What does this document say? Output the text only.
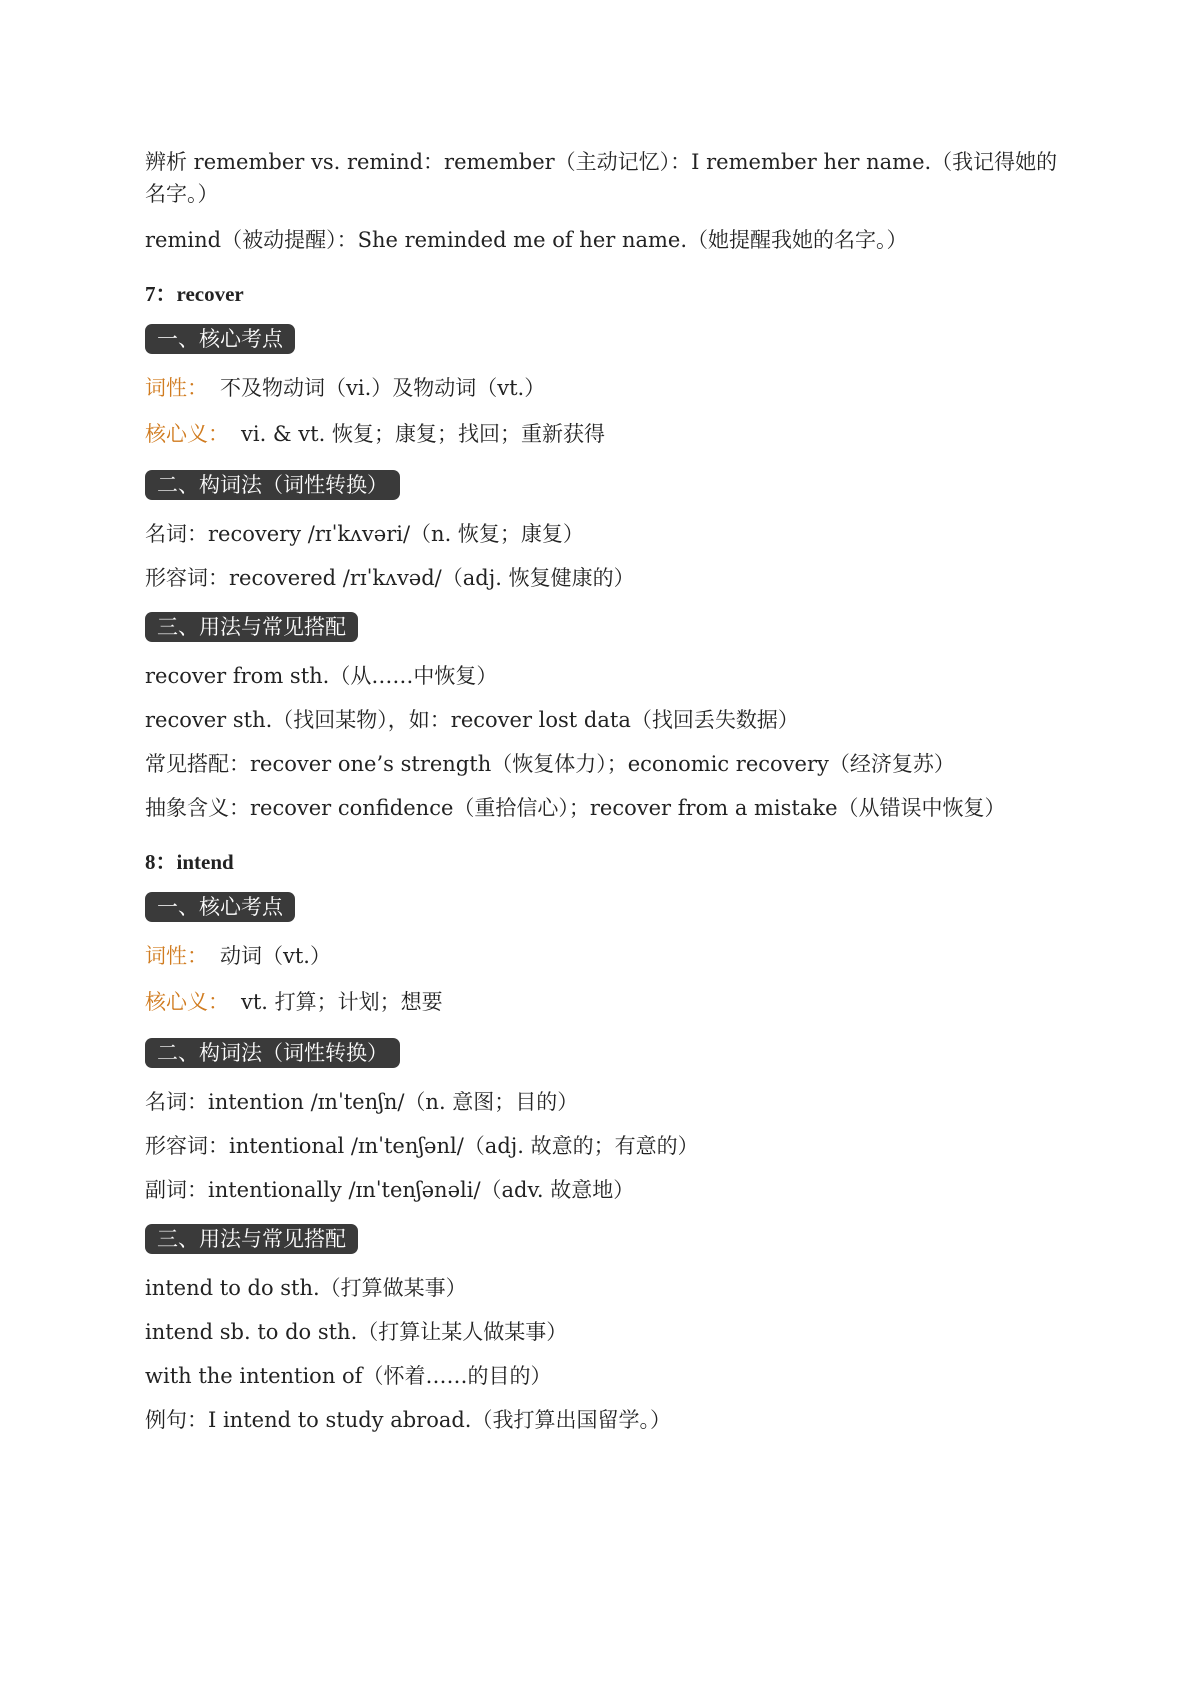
辨析 remember vs. remind：remember（主动记忆）：I remember her name.（我记得她的名字。）

remind（被动提醒）：She reminded me of her name.（她提醒我她的名字。）

7：recover
一、核心考点
词性： 不及物动词（vi.）及物动词（vt.）
核心义： vi. & vt. 恢复；康复；找回；重新获得
二、构词法（词性转换）

名词：recovery /rɪˈkʌvəri/（n. 恢复；康复）

形容词：recovered /rɪˈkʌvəd/（adj. 恢复健康的）

三、用法与常见搭配

recover from sth.（从……中恢复）

recover sth.（找回某物），如：recover lost data（找回丢失数据）

常见搭配：recover one’s strength（恢复体力）；economic recovery（经济复苏）

抽象含义：recover confidence（重拾信心）；recover from a mistake（从错误中恢复）

8：intend
一、核心考点
词性： 动词（vt.）
核心义： vt. 打算；计划；想要
二、构词法（词性转换）

名词：intention /ɪnˈtenʃn/（n. 意图；目的）

形容词：intentional /ɪnˈtenʃənl/（adj. 故意的；有意的）

副词：intentionally /ɪnˈtenʃənəli/（adv. 故意地）

三、用法与常见搭配

intend to do sth.（打算做某事）

intend sb. to do sth.（打算让某人做某事）

with the intention of（怀着……的目的）

例句：I intend to study abroad.（我打算出国留学。）
